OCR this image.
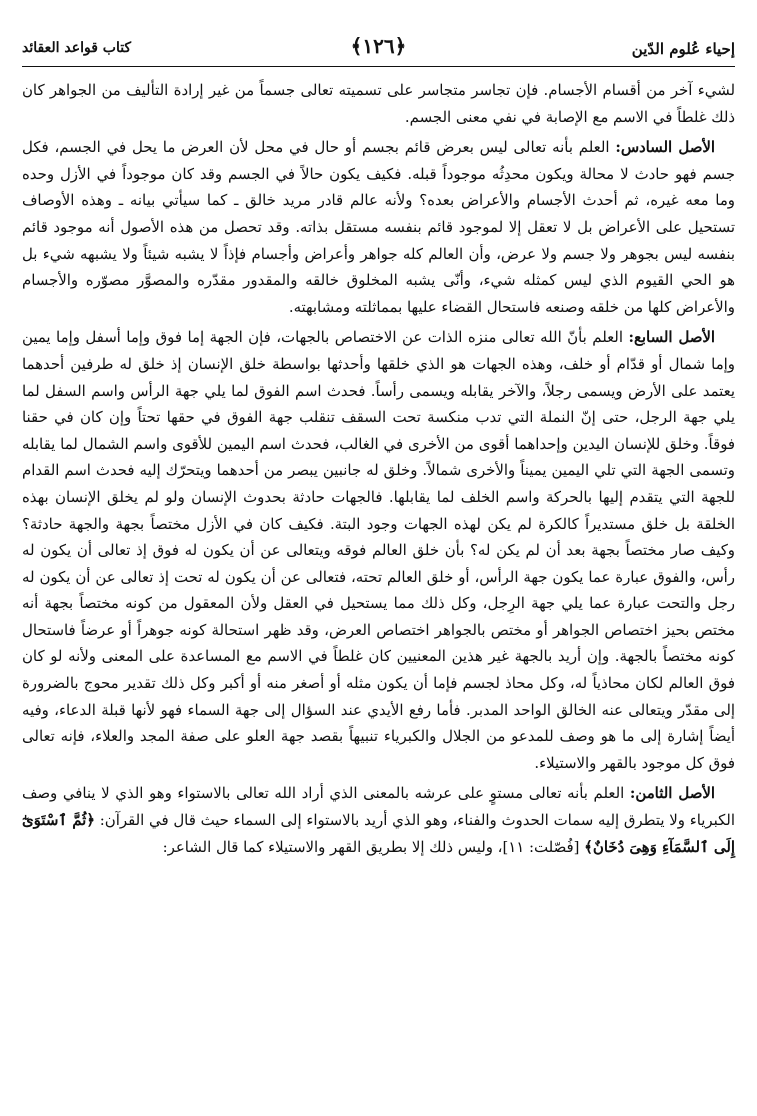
إحياء عُلوم الدّين
﴿١٢٦﴾
كتاب قواعد العقائد

لشيء آخر من أقسام الأجسام. فإن تجاسر متجاسر على تسميته تعالى جسماً من غير إرادة التأليف من الجواهر كان ذلك غلطاً في الاسم مع الإصابة في نفي معنى الجسم.

الأصل السادس: العلم بأنه تعالى ليس بعرض قائم بجسم أو حال في محل لأن العرض ما يحل في الجسم، فكل جسم فهو حادث لا محالة ويكون محدِثُه موجوداً قبله. فكيف يكون حالاً في الجسم وقد كان موجوداً في الأزل وحده وما معه غيره، ثم أحدث الأجسام والأعراض بعده؟ ولأنه عالم قادر مريد خالق ـ كما سيأتي بيانه ـ وهذه الأوصاف تستحيل على الأعراض بل لا تعقل إلا لموجود قائم بنفسه مستقل بذاته. وقد تحصل من هذه الأصول أنه موجود قائم بنفسه ليس بجوهر ولا جسم ولا عرض، وأن العالم كله جواهر وأعراض وأجسام فإذاً لا يشبه شيئاً ولا يشبهه شيء بل هو الحي القيوم الذي ليس كمثله شيء، وأنّى يشبه المخلوق خالقه والمقدور مقدّره والمصوَّر مصوّره والأجسام والأعراض كلها من خلقه وصنعه فاستحال القضاء عليها بمماثلته ومشابهته.

الأصل السابع: العلم بأنّ الله تعالى منزه الذات عن الاختصاص بالجهات، فإن الجهة إما فوق وإما أسفل وإما يمين وإما شمال أو قدّام أو خلف، وهذه الجهات هو الذي خلقها وأحدثها بواسطة خلق الإنسان إذ خلق له طرفين أحدهما يعتمد على الأرض ويسمى رجلاً، والآخر يقابله ويسمى رأساً. فحدث اسم الفوق لما يلي جهة الرأس واسم السفل لما يلي جهة الرجل، حتى إنّ النملة التي تدب منكسة تحت السقف تنقلب جهة الفوق في حقها تحتاً وإن كان في حقنا فوقاً. وخلق للإنسان اليدين وإحداهما أقوى من الأخرى في الغالب، فحدث اسم اليمين للأقوى واسم الشمال لما يقابله وتسمى الجهة التي تلي اليمين يميناً والأخرى شمالاً. وخلق له جانبين يبصر من أحدهما ويتحرّك إليه فحدث اسم القدام للجهة التي يتقدم إليها بالحركة واسم الخلف لما يقابلها. فالجهات حادثة بحدوث الإنسان ولو لم يخلق الإنسان بهذه الخلقة بل خلق مستديراً كالكرة لم يكن لهذه الجهات وجود البتة. فكيف كان في الأزل مختصاً بجهة والجهة حادثة؟ وكيف صار مختصاً بجهة بعد أن لم يكن له؟ بأن خلق العالم فوقه ويتعالى عن أن يكون له فوق إذ تعالى أن يكون له رأس، والفوق عبارة عما يكون جهة الرأس، أو خلق العالم تحته، فتعالى عن أن يكون له تحت إذ تعالى عن أن يكون له رجل والتحت عبارة عما يلي جهة الرِجل، وكل ذلك مما يستحيل في العقل ولأن المعقول من كونه مختصاً بجهة أنه مختص بحيز اختصاص الجواهر أو مختص بالجواهر اختصاص العرض، وقد ظهر استحالة كونه جوهراً أو عرضاً فاستحال كونه مختصاً بالجهة. وإن أريد بالجهة غير هذين المعنيين كان غلطاً في الاسم مع المساعدة على المعنى ولأنه لو كان فوق العالم لكان محاذياً له، وكل محاذ لجسم فإما أن يكون مثله أو أصغر منه أو أكبر وكل ذلك تقدير محوج بالضرورة إلى مقدّر ويتعالى عنه الخالق الواحد المدبر. فأما رفع الأيدي عند السؤال إلى جهة السماء فهو لأنها قبلة الدعاء، وفيه أيضاً إشارة إلى ما هو وصف للمدعو من الجلال والكبرياء تنبيهاً بقصد جهة العلو على صفة المجد والعلاء، فإنه تعالى فوق كل موجود بالقهر والاستيلاء.

الأصل الثامن: العلم بأنه تعالى مستوٍ على عرشه بالمعنى الذي أراد الله تعالى بالاستواء وهو الذي لا ينافي وصف الكبرياء ولا يتطرق إليه سمات الحدوث والفناء، وهو الذي أريد بالاستواء إلى السماء حيث قال في القرآن: ﴿ثُمَّ ٱسْتَوَىٰٓ إِلَى ٱلسَّمَآءِ وَهِىَ دُخَانٌ﴾ [فُصّلت: ١١]، وليس ذلك إلا بطريق القهر والاستيلاء كما قال الشاعر:
